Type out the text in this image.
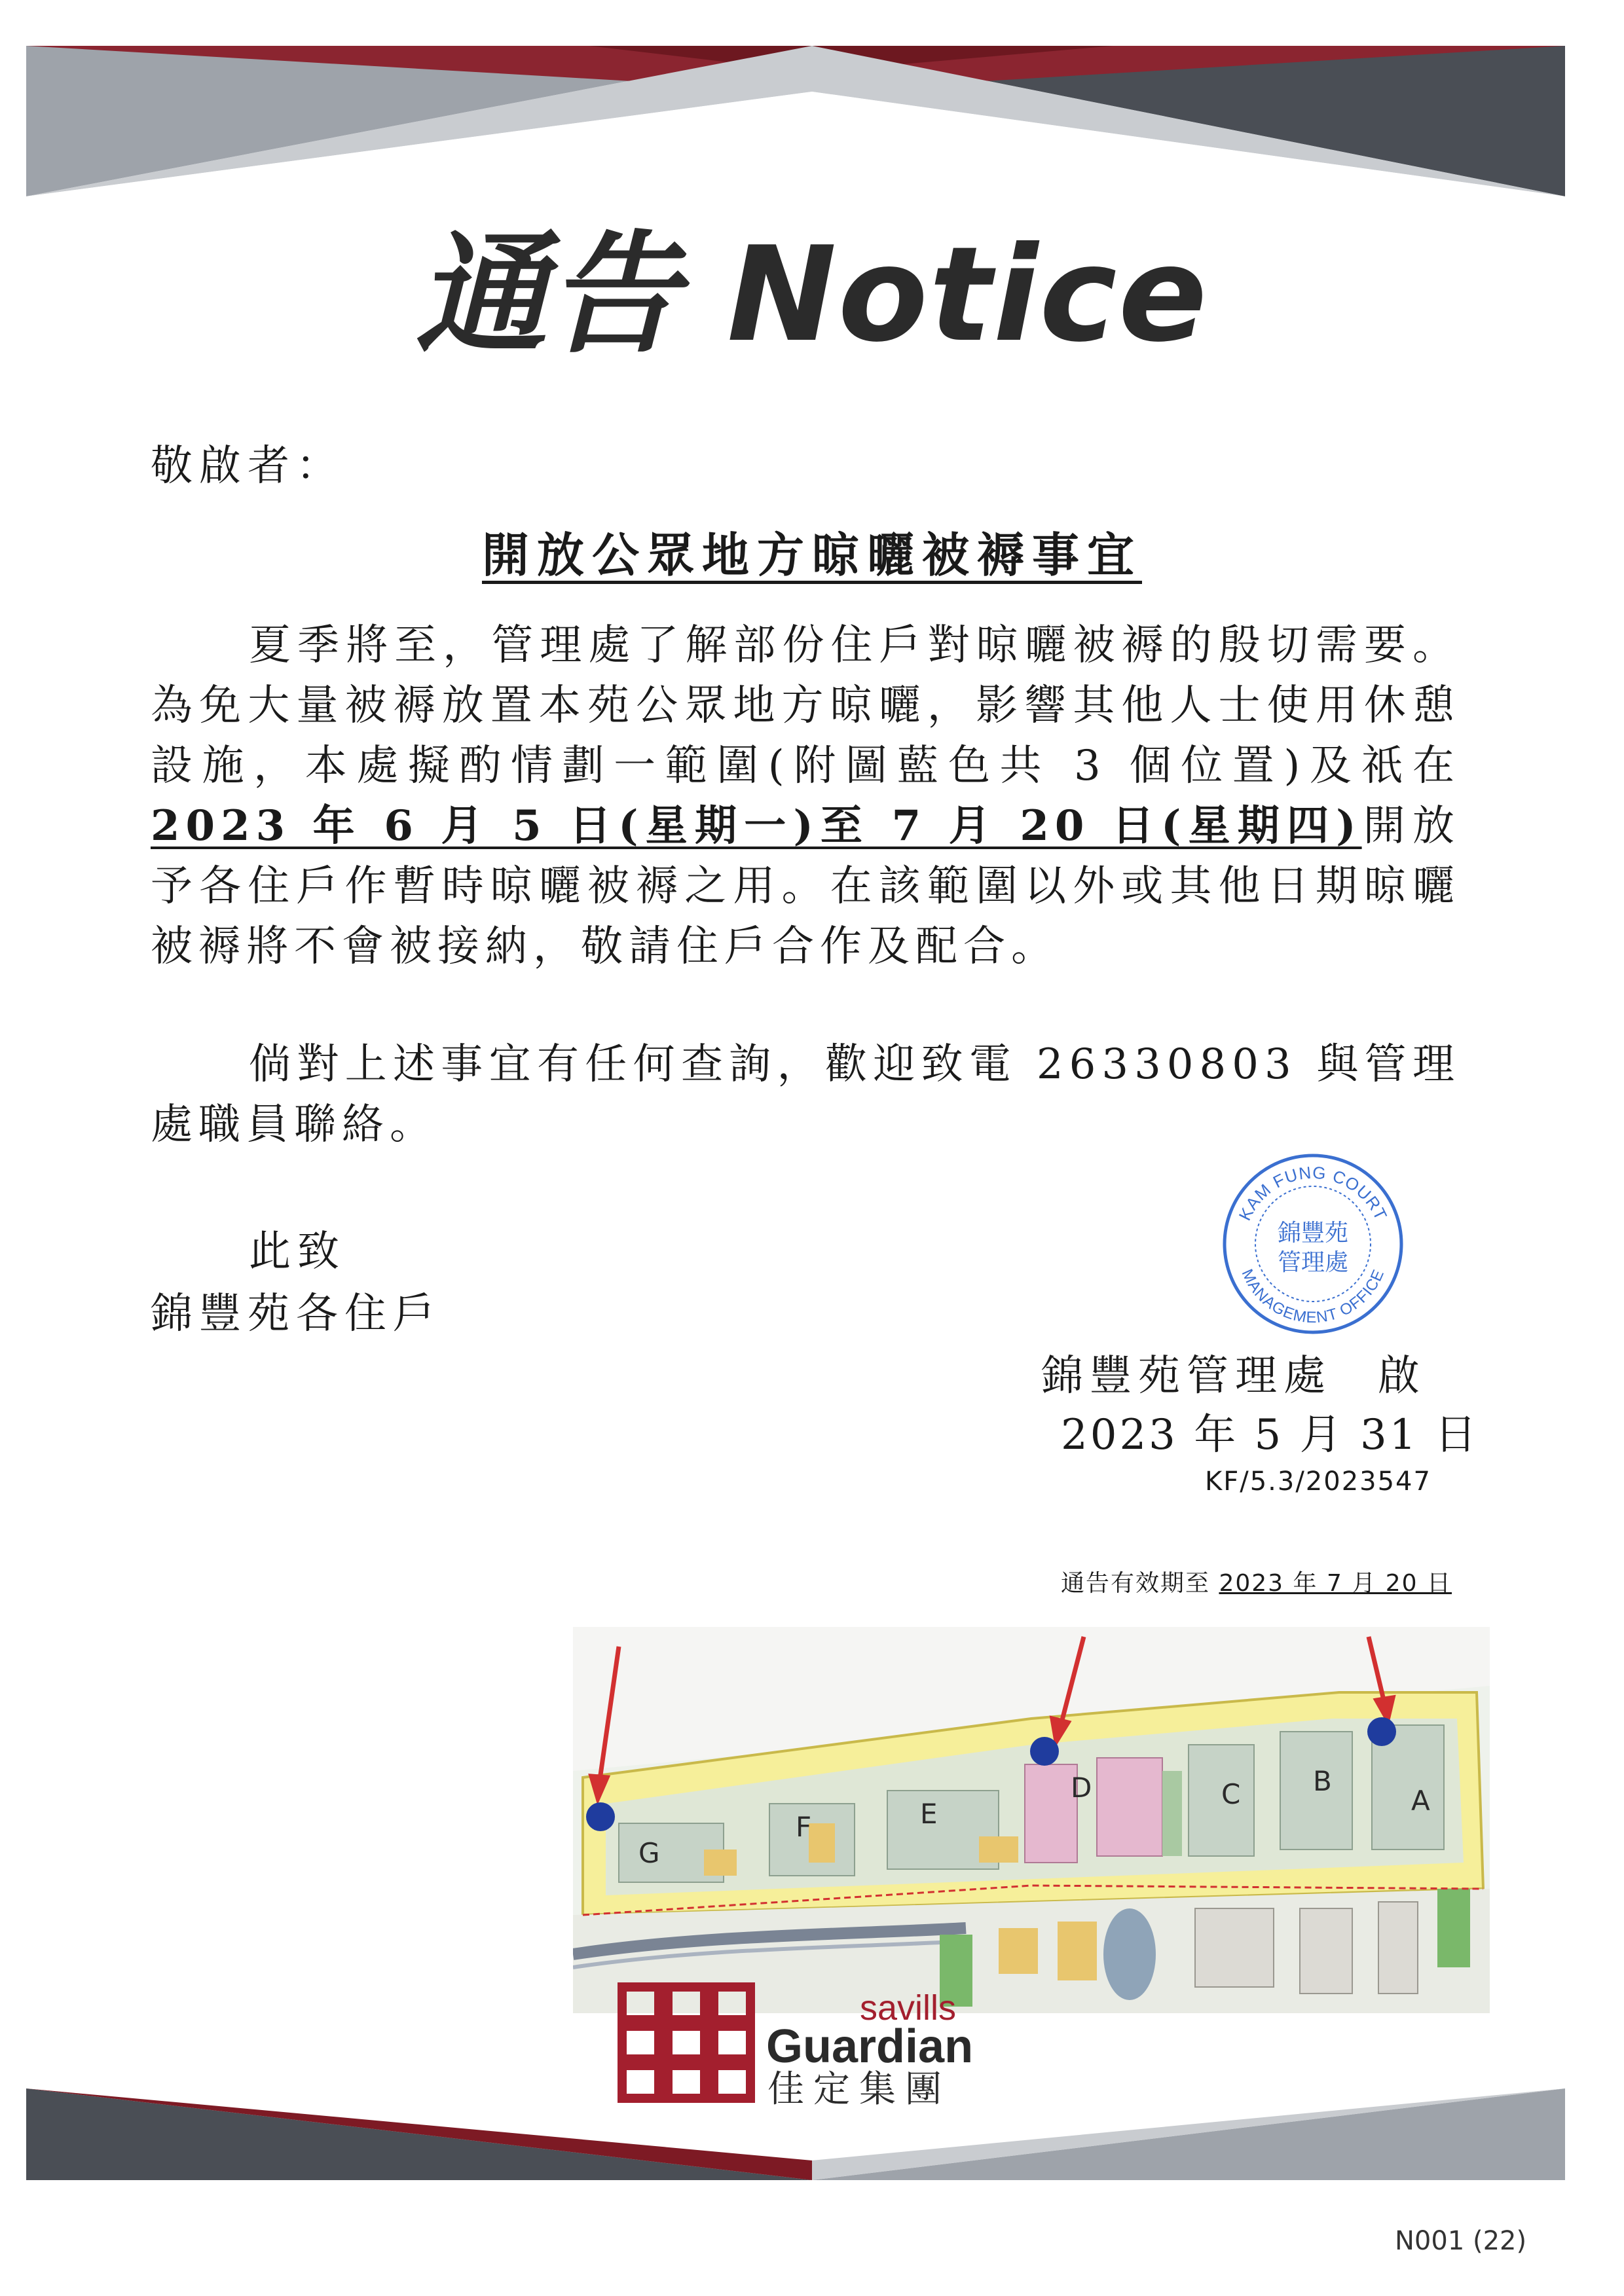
通告 Notice
敬啟者：
開放公眾地方晾曬被褥事宜
夏季將至，管理處了解部份住戶對晾曬被褥的殷切需要。為免大量被褥放置本苑公眾地方晾曬，影響其他人士使用休憩設施，本處擬酌情劃一範圍(附圖藍色共 3 個位置)及祇在 2023 年 6 月 5 日(星期一)至 7 月 20 日(星期四)開放予各住戶作暫時晾曬被褥之用。在該範圍以外或其他日期晾曬被褥將不會被接納，敬請住戶合作及配合。
倘對上述事宜有任何查詢，歡迎致電 26330803 與管理處職員聯絡。
此致
錦豐苑各住戶
KAM FUNG COURT
錦豐苑
管理處
MANAGEMENT OFFICE
錦豐苑管理處 啟
2023 年 5 月 31 日
KF/5.3/2023547
通告有效期至 2023 年 7 月 20 日
A
B
C
D
E
F
G
savills
Guardian
佳定集團
N001 (22)
